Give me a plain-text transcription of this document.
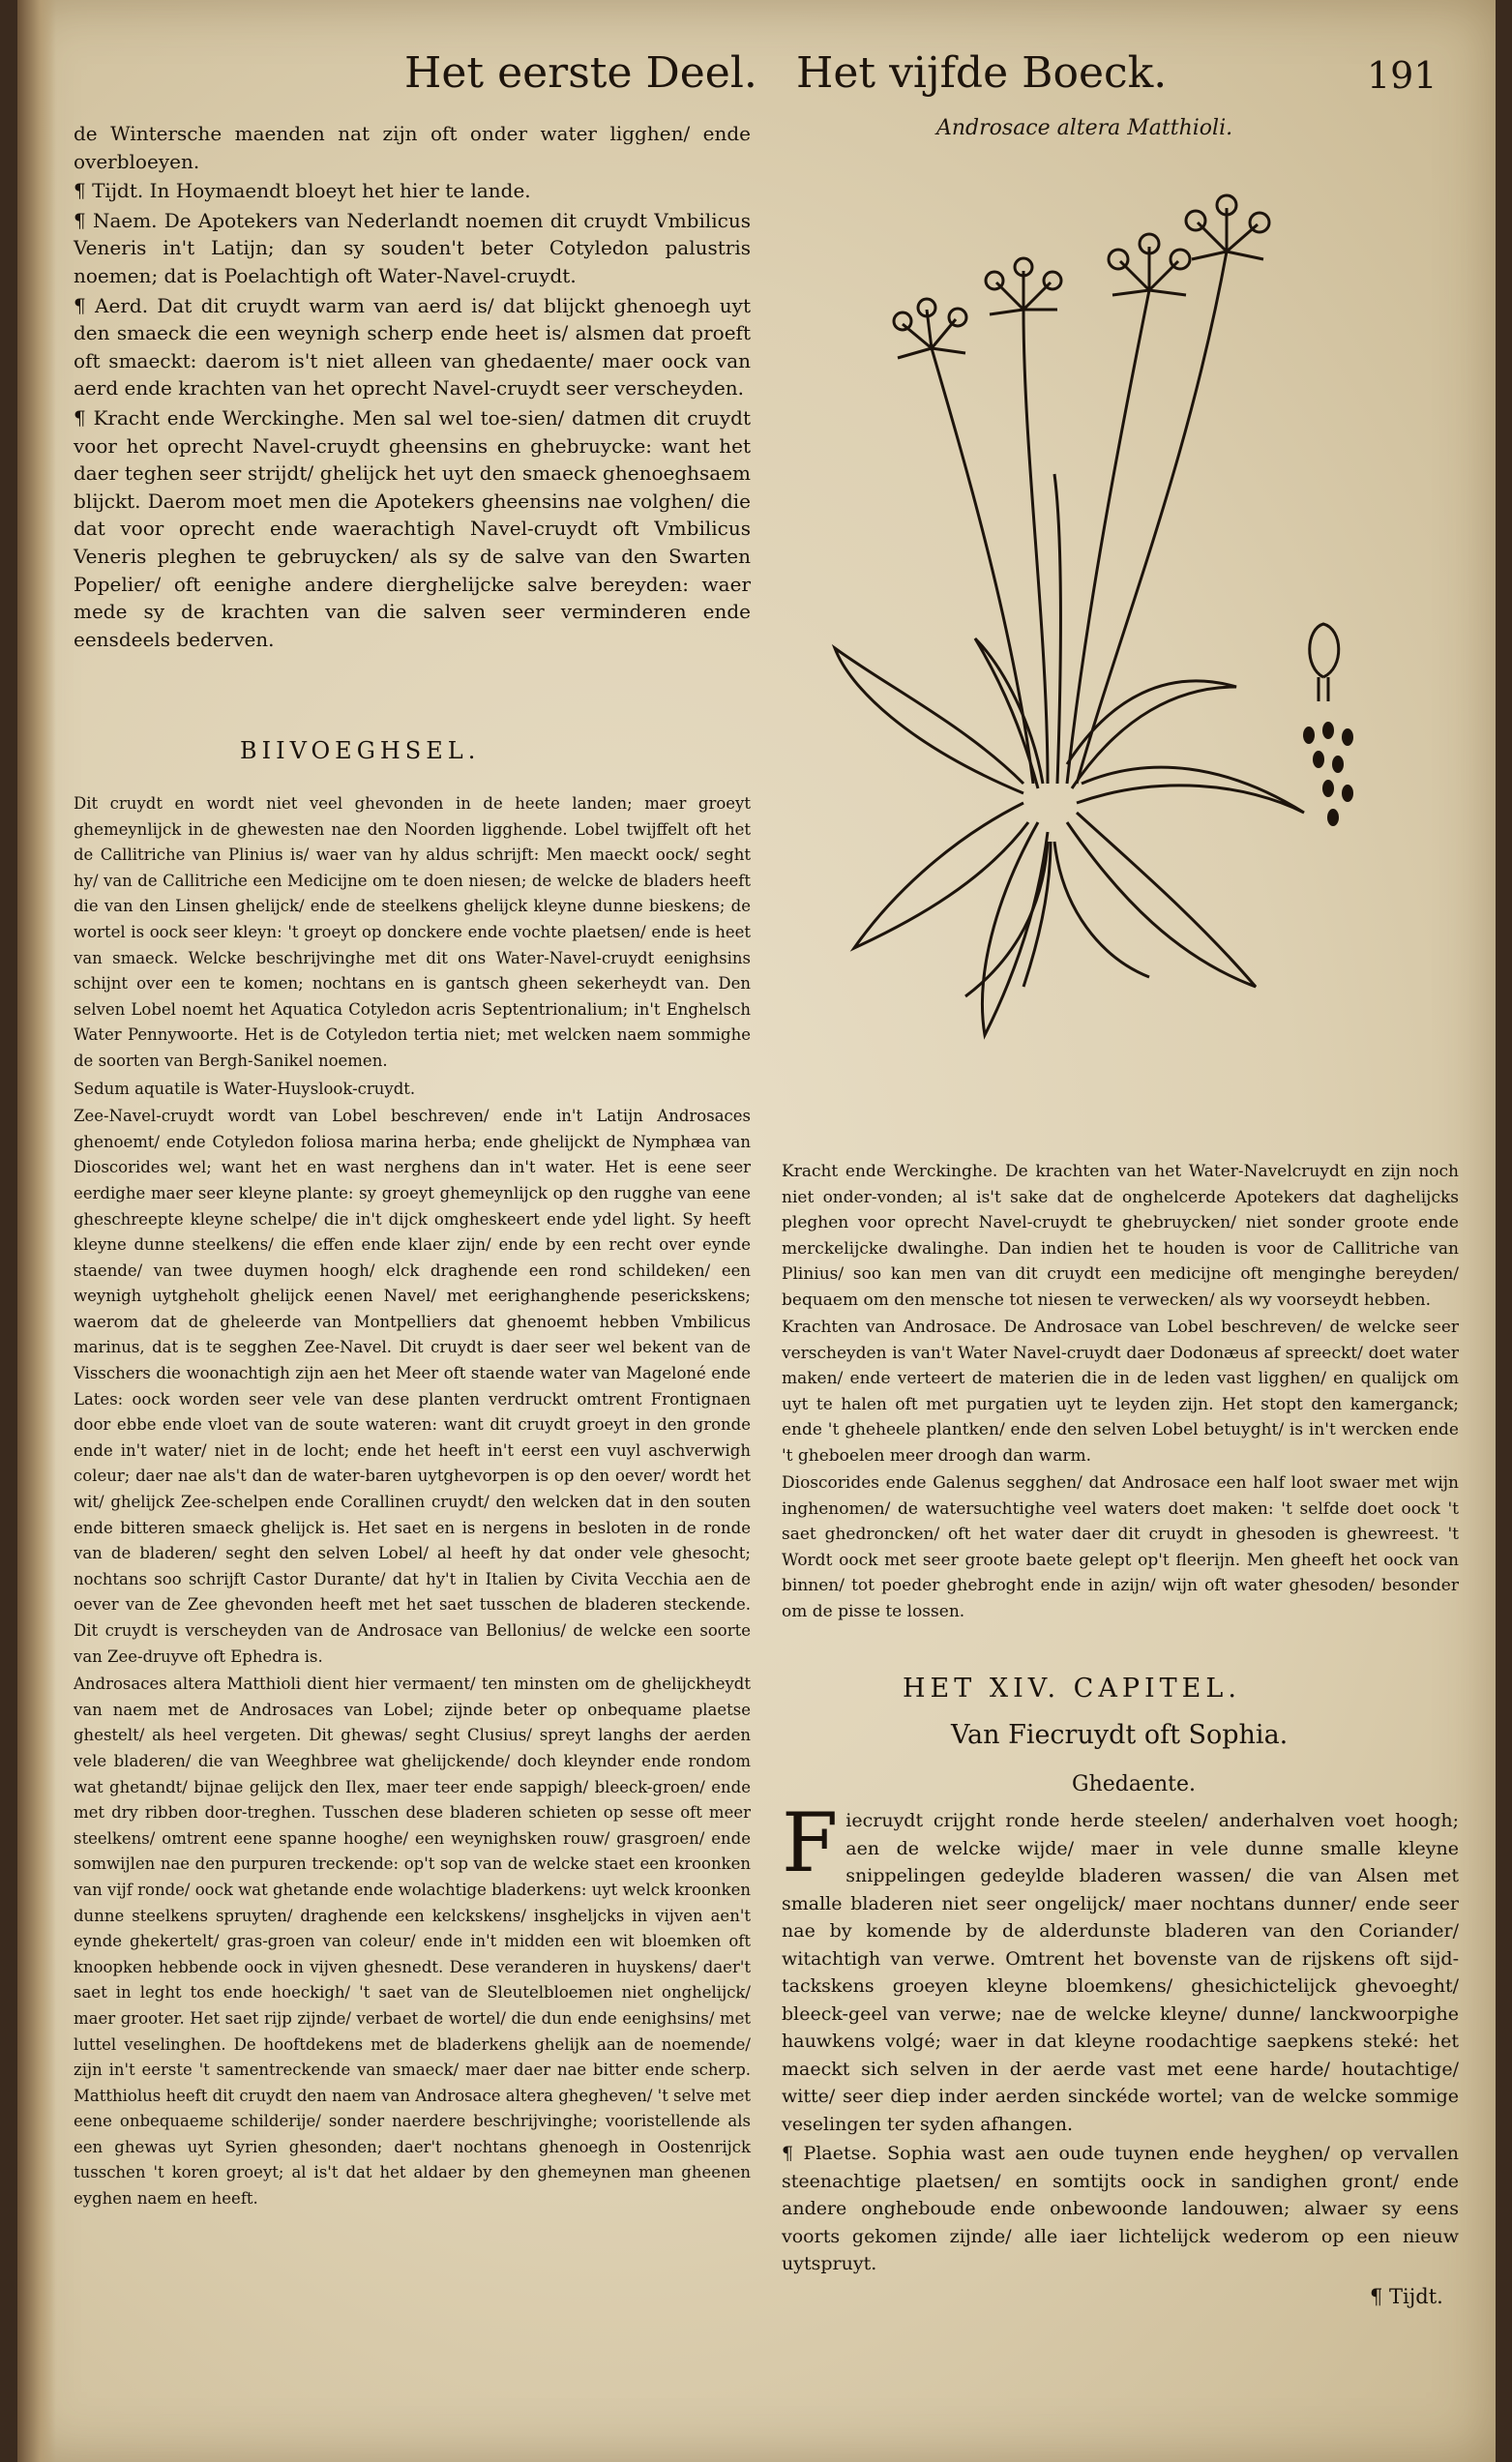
Het eerste Deel. Het vijfde Boeck.	191
Androsace altera Matthioli.

de Wintersche maenden nat zijn oft onder water ligghen/ ende overbloeyen.

¶ Tijdt. In Hoymaendt bloeyt het hier te lande.

¶ Naem. De Apotekers van Nederlandt noemen dit cruydt Vmbilicus Veneris in't Latijn; dan sy souden't beter Cotyledon palustris noemen; dat is Poelachtigh oft Water-Navel-cruydt.

¶ Aerd. Dat dit cruydt warm van aerd is/ dat blijckt ghenoegh uyt den smaeck die een weynigh scherp ende heet is/ alsmen dat proeft oft smaeckt: daerom is't niet alleen van ghedaente/ maer oock van aerd ende krachten van het oprecht Navel-cruydt seer verscheyden.

¶ Kracht ende Werckinghe. Men sal wel toe-sien/ datmen dit cruydt voor het oprecht Navel-cruydt gheensins en ghebruycke: want het daer teghen seer strijdt/ ghelijck het uyt den smaeck ghenoeghsaem blijckt. Daerom moet men die Apotekers gheensins nae volghen/ die dat voor oprecht ende waerachtigh Navel-cruydt oft Vmbilicus Veneris pleghen te gebruycken/ als sy de salve van den Swarten Popelier/ oft eenighe andere dierghelijcke salve bereyden: waer mede sy de krachten van die salven seer verminderen ende eensdeels bederven.

BIIVOEGHSEL.

Dit cruydt en wordt niet veel ghevonden in de heete landen; maer groeyt ghemeynlijck in de ghewesten nae den Noorden ligghende. Lobel twijffelt oft het de Callitriche van Plinius is/ waer van hy aldus schrijft: Men maeckt oock/ seght hy/ van de Callitriche een Medicijne om te doen niesen; de welcke de bladers heeft die van den Linsen ghelijck/ ende de steelkens ghelijck kleyne dunne bieskens; de wortel is oock seer kleyn: 't groeyt op donckere ende vochte plaetsen/ ende is heet van smaeck. Welcke beschrijvinghe met dit ons Water-Navel-cruydt eenighsins schijnt over een te komen; nochtans en is gantsch gheen sekerheydt van. Den selven Lobel noemt het Aquatica Cotyledon acris Septentrionalium; in't Enghelsch Water Pennywoorte. Het is de Cotyledon tertia niet; met welcken naem sommighe de soorten van Bergh-Sanikel noemen.

Sedum aquatile is Water-Huyslook-cruydt.

Zee-Navel-cruydt wordt van Lobel beschreven/ ende in't Latijn Androsaces ghenoemt/ ende Cotyledon foliosa marina herba; ende ghelijckt de Nymphæa van Dioscorides wel; want het en wast nerghens dan in't water. Het is eene seer eerdighe maer seer kleyne plante: sy groeyt ghemeynlijck op den rugghe van eene gheschreepte kleyne schelpe/ die in't dijck omgheskeert ende ydel light. Sy heeft kleyne dunne steelkens/ die effen ende klaer zijn/ ende by een recht over eynde staende/ van twee duymen hoogh/ elck draghende een rond schildeken/ een weynigh uytgheholt ghelijck eenen Navel/ met eerighanghende peserickskens; waerom dat de gheleerde van Montpelliers dat ghenoemt hebben Vmbilicus marinus, dat is te segghen Zee-Navel. Dit cruydt is daer seer wel bekent van de Visschers die woonachtigh zijn aen het Meer oft staende water van Mageloné ende Lates: oock worden seer vele van dese planten verdruckt omtrent Frontignaen door ebbe ende vloet van de soute wateren: want dit cruydt groeyt in den gronde ende in't water/ niet in de locht; ende het heeft in't eerst een vuyl aschverwigh coleur; daer nae als't dan de water-baren uytghevorpen is op den oever/ wordt het wit/ ghelijck Zee-schelpen ende Corallinen cruydt/ den welcken dat in den souten ende bitteren smaeck ghelijck is. Het saet en is nergens in besloten in de ronde van de bladeren/ seght den selven Lobel/ al heeft hy dat onder vele ghesocht; nochtans soo schrijft Castor Durante/ dat hy't in Italien by Civita Vecchia aen de oever van de Zee ghevonden heeft met het saet tusschen de bladeren steckende. Dit cruydt is verscheyden van de Androsace van Bellonius/ de welcke een soorte van Zee-druyve oft Ephedra is.

Androsaces altera Matthioli dient hier vermaent/ ten minsten om de ghelijckheydt van naem met de Androsaces van Lobel; zijnde beter op onbequame plaetse ghestelt/ als heel vergeten. Dit ghewas/ seght Clusius/ spreyt langhs der aerden vele bladeren/ die van Weeghbree wat ghelijckende/ doch kleynder ende rondom wat ghetandt/ bijnae gelijck den Ilex, maer teer ende sappigh/ bleeck-groen/ ende met dry ribben door-treghen. Tusschen dese bladeren schieten op sesse oft meer steelkens/ omtrent eene spanne hooghe/ een weynighsken rouw/ grasgroen/ ende somwijlen nae den purpuren treckende: op't sop van de welcke staet een kroonken van vijf ronde/ oock wat ghetande ende wolachtige bladerkens: uyt welck kroonken dunne steelkens spruyten/ draghende een kelckskens/ insgheljcks in vijven aen't eynde ghekertelt/ gras-groen van coleur/ ende in't midden een wit bloemken oft knoopken hebbende oock in vijven ghesnedt. Dese veranderen in huyskens/ daer't saet in leght tos ende hoeckigh/ 't saet van de Sleutelbloemen niet onghelijck/ maer grooter. Het saet rijp zijnde/ verbaet de wortel/ die dun ende eenighsins/ met luttel veselinghen. De hooftdekens met de bladerkens ghelijk aan de noemende/ zijn in't eerste 't samentreckende van smaeck/ maer daer nae bitter ende scherp. Matthiolus heeft dit cruydt den naem van Androsace altera ghegheven/ 't selve met eene onbequaeme schilderije/ sonder naerdere beschrijvinghe; vooristellende als een ghewas uyt Syrien ghesonden; daer't nochtans ghenoegh in Oostenrijck tusschen 't koren groeyt; al is't dat het aldaer by den ghemeynen man gheenen eyghen naem en heeft.

Kracht ende Werckinghe. De krachten van het Water-Navelcruydt en zijn noch niet onder-vonden; al is't sake dat de onghelcerde Apotekers dat daghelijcks pleghen voor oprecht Navel-cruydt te ghebruycken/ niet sonder groote ende merckelijcke dwalinghe. Dan indien het te houden is voor de Callitriche van Plinius/ soo kan men van dit cruydt een medicijne oft menginghe bereyden/ bequaem om den mensche tot niesen te verwecken/ als wy voorseydt hebben.

Krachten van Androsace. De Androsace van Lobel beschreven/ de welcke seer verscheyden is van't Water Navel-cruydt daer Dodonæus af spreeckt/ doet water maken/ ende verteert de materien die in de leden vast ligghen/ en qualijck om uyt te halen oft met purgatien uyt te leyden zijn. Het stopt den kamerganck; ende 't gheheele plantken/ ende den selven Lobel betuyght/ is in't wercken ende 't gheboelen meer droogh dan warm.

Dioscorides ende Galenus segghen/ dat Androsace een half loot swaer met wijn inghenomen/ de watersuchtighe veel waters doet maken: 't selfde doet oock 't saet ghedroncken/ oft het water daer dit cruydt in ghesoden is ghewreest. 't Wordt oock met seer groote baete gelept op't fleerijn. Men gheeft het oock van binnen/ tot poeder ghebroght ende in azijn/ wijn oft water ghesoden/ besonder om de pisse te lossen.

HET XIV. CAPITEL.
Van Fiecruydt oft Sophia.
Ghedaente.

Fiecruydt crijght ronde herde steelen/ anderhalven voet hoogh; aen de welcke wijde/ maer in vele dunne smalle kleyne snippelingen gedeylde bladeren wassen/ die van Alsen met smalle bladeren niet seer ongelijck/ maer nochtans dunner/ ende seer nae by komende by de alderdunste bladeren van den Coriander/ witachtigh van verwe. Omtrent het bovenste van de rijskens oft sijd-tackskens groeyen kleyne bloemkens/ ghesichictelijck ghevoeght/ bleeck-geel van verwe; nae de welcke kleyne/ dunne/ lanckwoorpighe hauwkens volgé; waer in dat kleyne roodachtige saepkens steké: het maeckt sich selven in der aerde vast met eene harde/ houtachtige/ witte/ seer diep inder aerden sinckéde wortel; van de welcke sommige veselingen ter syden afhangen.

¶ Plaetse. Sophia wast aen oude tuynen ende heyghen/ op vervallen steenachtige plaetsen/ en somtijts oock in sandighen gront/ ende andere ongheboude ende onbewoonde landouwen; alwaer sy eens voorts gekomen zijnde/ alle iaer lichtelijck wederom op een nieuw uytspruyt.

¶ Tijdt.
